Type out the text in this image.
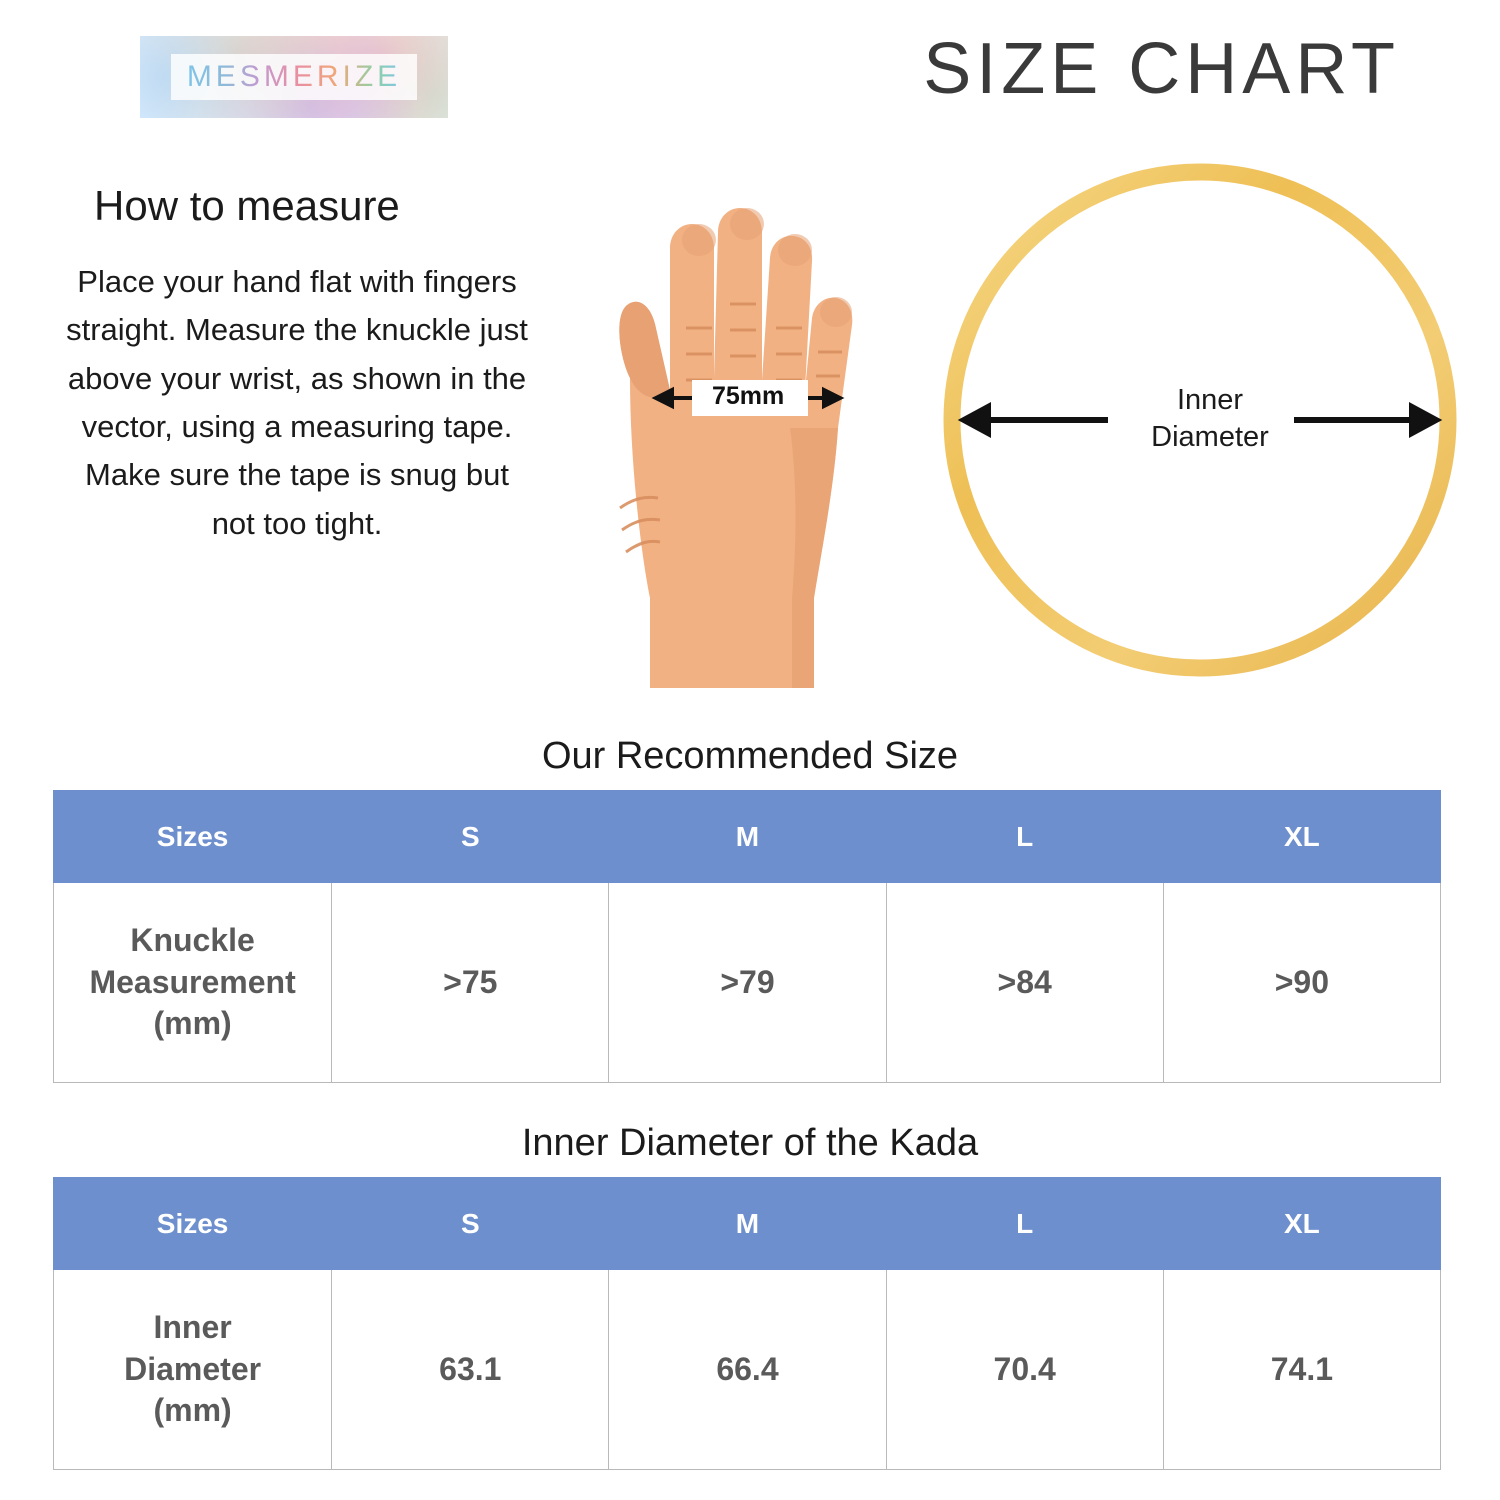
MESMERIZE	SIZE CHART
How to measure
Place your hand flat with fingers straight. Measure the knuckle just above your wrist, as shown in the vector, using a measuring tape. Make sure the tape is snug but not too tight.
75mm	Inner
Diameter
Our Recommended Size
Sizes	S	M	L	XL

Knuckle
Measurement
(mm)	>75	>79	>84	>90
Inner Diameter of the Kada
Sizes	S	M	L	XL

Inner
Diameter
(mm)	63.1	66.4	70.4	74.1
